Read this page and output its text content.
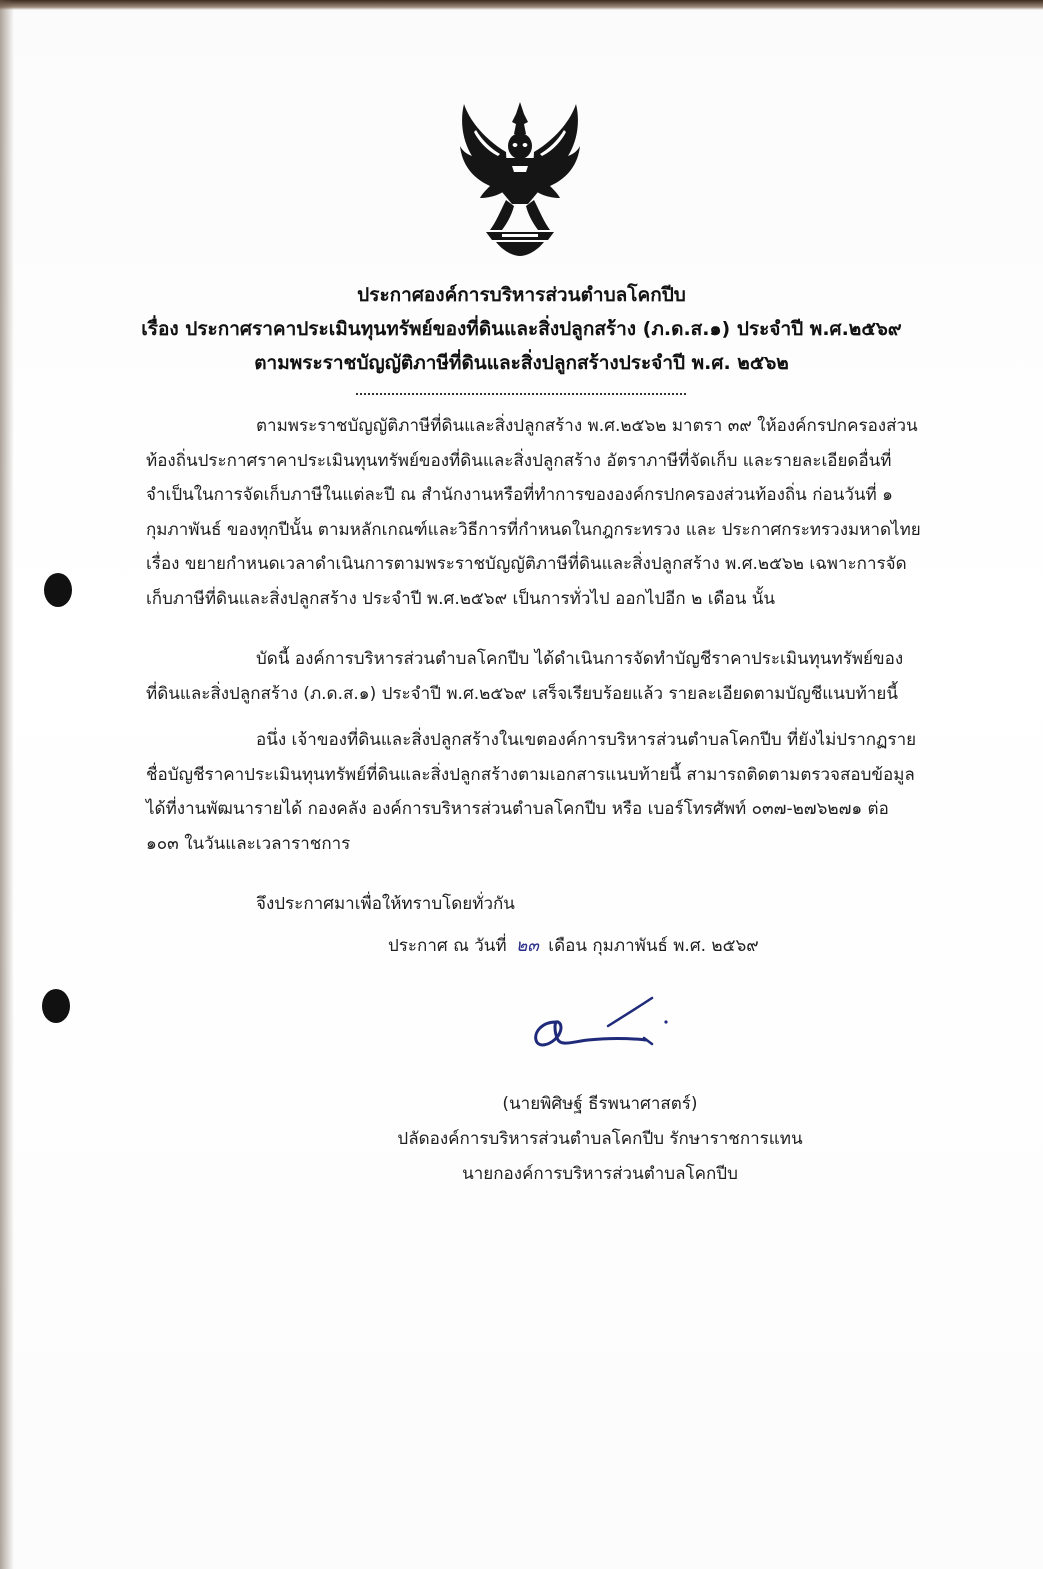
ประกาศองค์การบริหารส่วนตำบลโคกปีบ
เรื่อง ประกาศราคาประเมินทุนทรัพย์ของที่ดินและสิ่งปลูกสร้าง (ภ.ด.ส.๑) ประจำปี พ.ศ.๒๕๖๙
ตามพระราชบัญญัติภาษีที่ดินและสิ่งปลูกสร้างประจำปี พ.ศ. ๒๕๖๒
ตามพระราชบัญญัติภาษีที่ดินและสิ่งปลูกสร้าง พ.ศ.๒๕๖๒ มาตรา ๓๙ ให้องค์กรปกครองส่วนท้องถิ่นประกาศราคาประเมินทุนทรัพย์ของที่ดินและสิ่งปลูกสร้าง อัตราภาษีที่จัดเก็บ และรายละเอียดอื่นที่จำเป็นในการจัดเก็บภาษีในแต่ละปี ณ สำนักงานหรือที่ทำการขององค์กรปกครองส่วนท้องถิ่น ก่อนวันที่ ๑ กุมภาพันธ์ ของทุกปีนั้น ตามหลักเกณฑ์และวิธีการที่กำหนดในกฎกระทรวง และ ประกาศกระทรวงมหาดไทย เรื่อง ขยายกำหนดเวลาดำเนินการตามพระราชบัญญัติภาษีที่ดินและสิ่งปลูกสร้าง พ.ศ.๒๕๖๒ เฉพาะการจัดเก็บภาษีที่ดินและสิ่งปลูกสร้าง ประจำปี พ.ศ.๒๕๖๙ เป็นการทั่วไป ออกไปอีก ๒ เดือน นั้น
บัดนี้ องค์การบริหารส่วนตำบลโคกปีบ ได้ดำเนินการจัดทำบัญชีราคาประเมินทุนทรัพย์ของที่ดินและสิ่งปลูกสร้าง (ภ.ด.ส.๑) ประจำปี พ.ศ.๒๕๖๙ เสร็จเรียบร้อยแล้ว รายละเอียดตามบัญชีแนบท้ายนี้
อนึ่ง เจ้าของที่ดินและสิ่งปลูกสร้างในเขตองค์การบริหารส่วนตำบลโคกปีบ ที่ยังไม่ปรากฏรายชื่อบัญชีราคาประเมินทุนทรัพย์ที่ดินและสิ่งปลูกสร้างตามเอกสารแนบท้ายนี้ สามารถติดตามตรวจสอบข้อมูลได้ที่งานพัฒนารายได้ กองคลัง องค์การบริหารส่วนตำบลโคกปีบ หรือ เบอร์โทรศัพท์ ๐๓๗-๒๗๖๒๗๑ ต่อ ๑๐๓ ในวันและเวลาราชการ
จึงประกาศมาเพื่อให้ทราบโดยทั่วกัน
ประกาศ ณ วันที่ ๒๓ เดือน กุมภาพันธ์ พ.ศ. ๒๕๖๙
(นายพิศิษฐ์ ธีรพนาศาสตร์)
ปลัดองค์การบริหารส่วนตำบลโคกปีบ รักษาราชการแทน
นายกองค์การบริหารส่วนตำบลโคกปีบ
